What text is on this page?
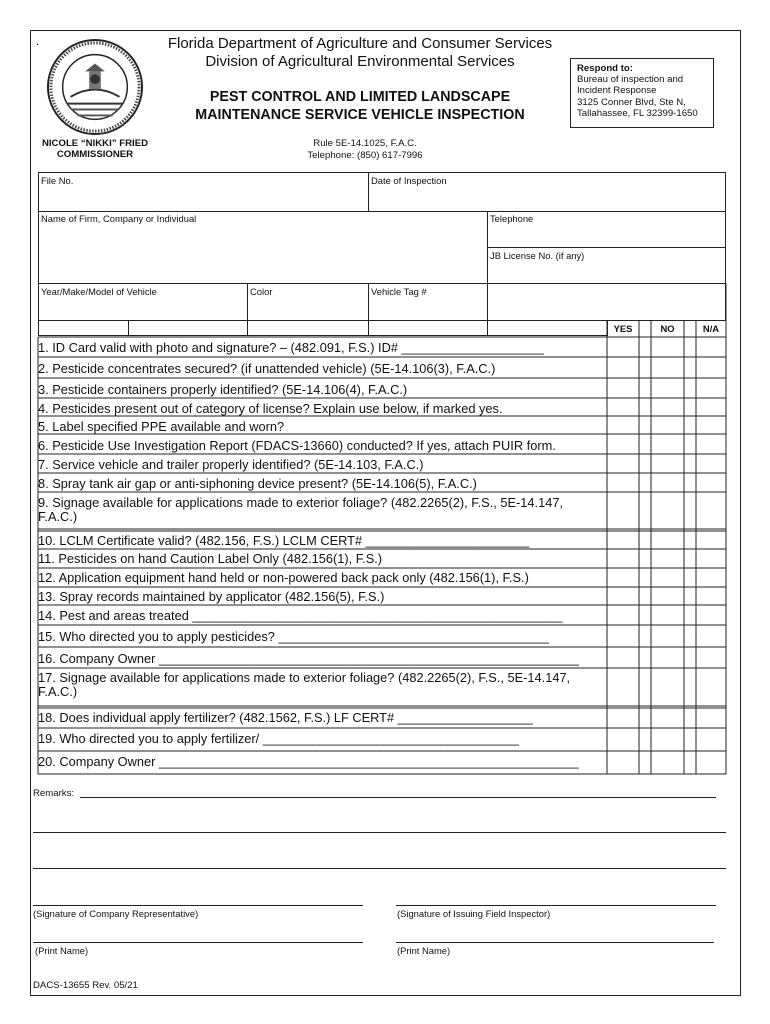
.	Florida Department of Agriculture and Consumer Services
Division of Agricultural Environmental Services
PEST CONTROL AND LIMITED LANDSCAPE
MAINTENANCE SERVICE VEHICLE INSPECTION
Respond to:
Bureau of inspection and
Incident Response
3125 Conner Blvd, Ste N,
Tallahassee, FL 32399-1650
NICOLE “NIKKI” FRIED
COMMISSIONER
Rule 5E-14.1025, F.A.C.
Telephone: (850) 617-7996
File No.	Date of Inspection
Name of Firm, Company or Individual	Telephone
JB License No. (if any)
Year/Make/Model of Vehicle	Color	Vehicle Tag #
YES	NO	N/A
1. ID Card valid with photo and signature? – (482.091, F.S.) ID# ____________________
2. Pesticide concentrates secured? (if unattended vehicle) (5E-14.106(3), F.A.C.)
3. Pesticide containers properly identified? (5E-14.106(4), F.A.C.)
4. Pesticides present out of category of license? Explain use below, if marked yes.
5. Label specified PPE available and worn?
6. Pesticide Use Investigation Report (FDACS-13660) conducted? If yes, attach PUIR form.
7. Service vehicle and trailer properly identified? (5E-14.103, F.A.C.)
8. Spray tank air gap or anti-siphoning device present? (5E-14.106(5), F.A.C.)
9. Signage available for applications made to exterior foliage? (482.2265(2), F.S., 5E-14.147, F.A.C.)
10. LCLM Certificate valid? (482.156, F.S.) LCLM CERT# _______________________
11. Pesticides on hand Caution Label Only (482.156(1), F.S.)
12. Application equipment hand held or non-powered back pack only (482.156(1), F.S.)
13. Spray records maintained by applicator (482.156(5), F.S.)
14. Pest and areas treated ____________________________________________________
15. Who directed you to apply pesticides? ______________________________________
16. Company Owner ___________________________________________________________
17. Signage available for applications made to exterior foliage? (482.2265(2), F.S., 5E-14.147, F.A.C.)
18. Does individual apply fertilizer? (482.1562, F.S.) LF CERT# ___________________
19. Who directed you to apply fertilizer/ ____________________________________
20. Company Owner ___________________________________________________________
Remarks:
(Signature of Company Representative)	(Signature of Issuing Field Inspector)
(Print Name)	(Print Name)
DACS-13655 Rev. 05/21
